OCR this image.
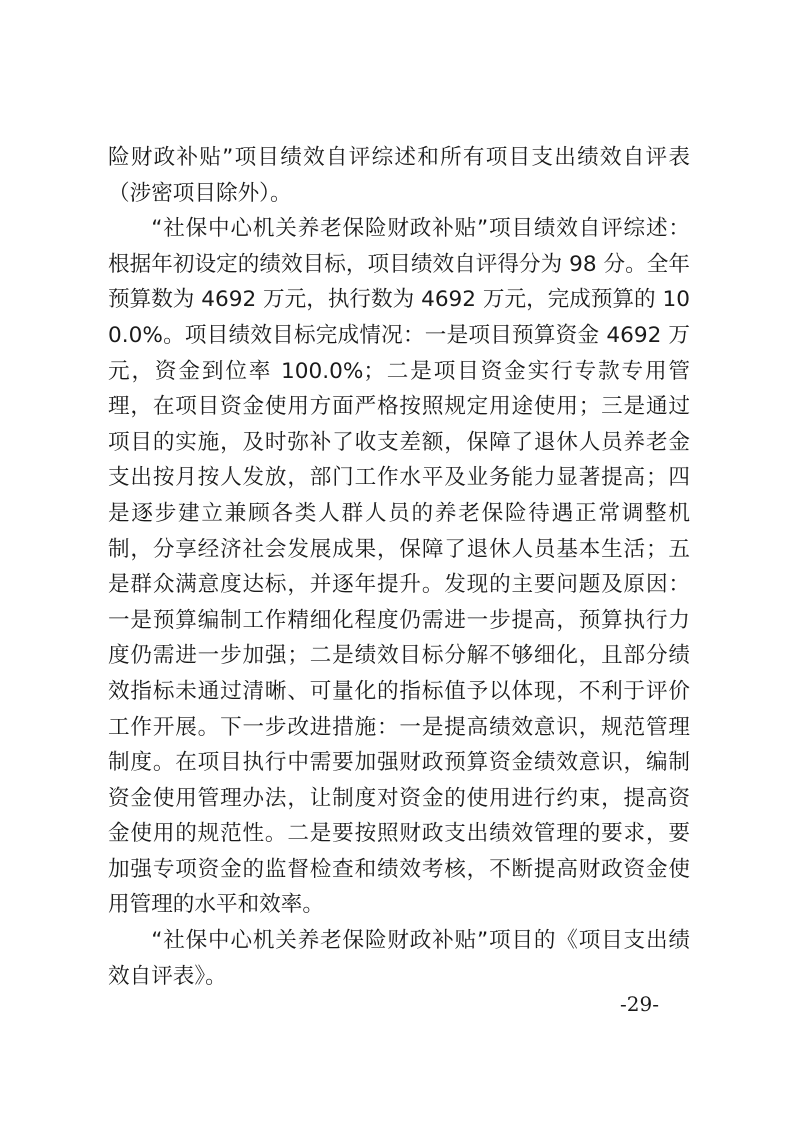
险财政补贴”项目绩效自评综述和所有项目支出绩效自评表（涉密项目除外）。

“社保中心机关养老保险财政补贴”项目绩效自评综述：根据年初设定的绩效目标，项目绩效自评得分为 98 分。全年预算数为 4692 万元，执行数为 4692 万元，完成预算的 100.0%。项目绩效目标完成情况：一是项目预算资金 4692 万元，资金到位率 100.0%；二是项目资金实行专款专用管理，在项目资金使用方面严格按照规定用途使用；三是通过项目的实施，及时弥补了收支差额，保障了退休人员养老金支出按月按人发放，部门工作水平及业务能力显著提高；四是逐步建立兼顾各类人群人员的养老保险待遇正常调整机制，分享经济社会发展成果，保障了退休人员基本生活；五是群众满意度达标，并逐年提升。发现的主要问题及原因：一是预算编制工作精细化程度仍需进一步提高，预算执行力度仍需进一步加强；二是绩效目标分解不够细化，且部分绩效指标未通过清晰、可量化的指标值予以体现，不利于评价工作开展。下一步改进措施：一是提高绩效意识，规范管理制度。在项目执行中需要加强财政预算资金绩效意识，编制资金使用管理办法，让制度对资金的使用进行约束，提高资金使用的规范性。二是要按照财政支出绩效管理的要求，要加强专项资金的监督检查和绩效考核，不断提高财政资金使用管理的水平和效率。

“社保中心机关养老保险财政补贴”项目的《项目支出绩效自评表》。

-29-
